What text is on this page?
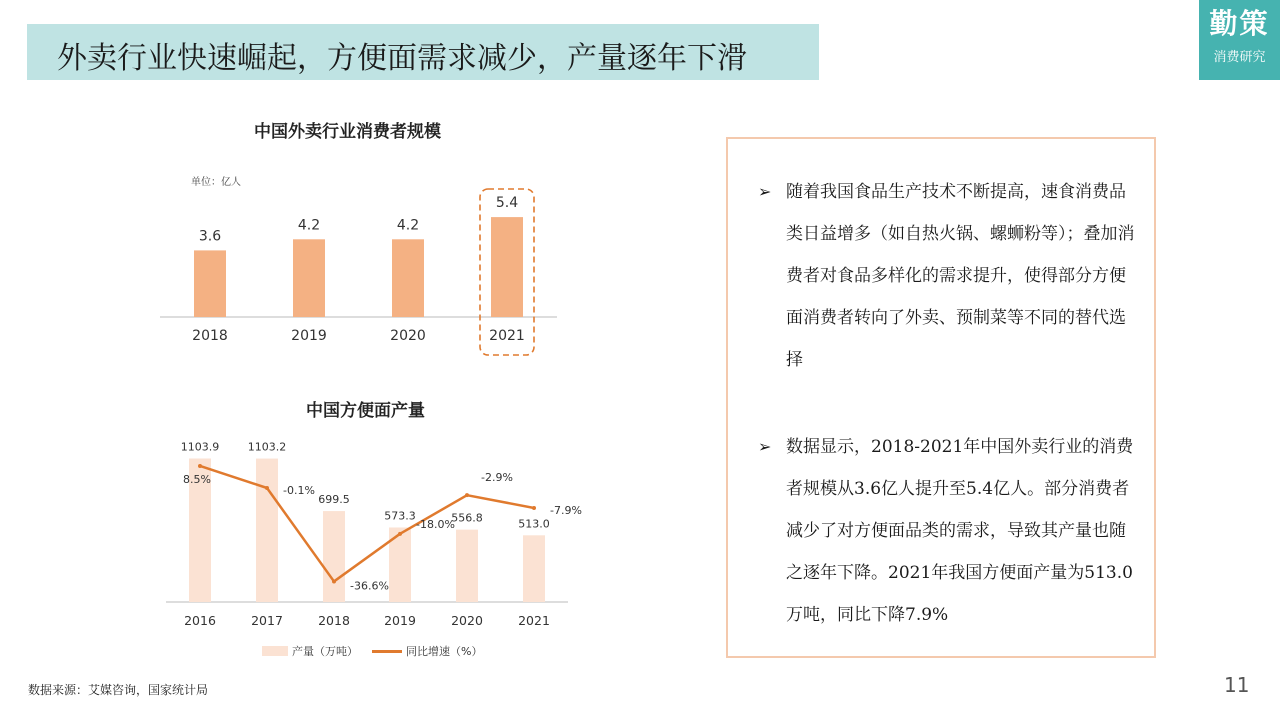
外卖行业快速崛起，方便面需求减少，产量逐年下滑
勤策
消费研究
中国外卖行业消费者规模
单位：亿人
3.6
2018
4.2
2019
4.2
2020
5.4
2021
中国方便面产量
1103.9
2016
1103.2
2017
699.5
2018
573.3
2019
556.8
2020
513.0
2021
8.5%
-0.1%
-36.6%
-18.0%
-2.9%
-7.9%
产量（万吨）	同比增速（%）
➢ 随着我国食品生产技术不断提高，速食消费品类日益增多（如自热火锅、螺蛳粉等）；叠加消费者对食品多样化的需求提升，使得部分方便面消费者转向了外卖、预制菜等不同的替代选择
➢ 数据显示，2018-2021年中国外卖行业的消费者规模从3.6亿人提升至5.4亿人。部分消费者减少了对方便面品类的需求，导致其产量也随之逐年下降。2021年我国方便面产量为513.0万吨，同比下降7.9%
数据来源：艾媒咨询，国家统计局	11
